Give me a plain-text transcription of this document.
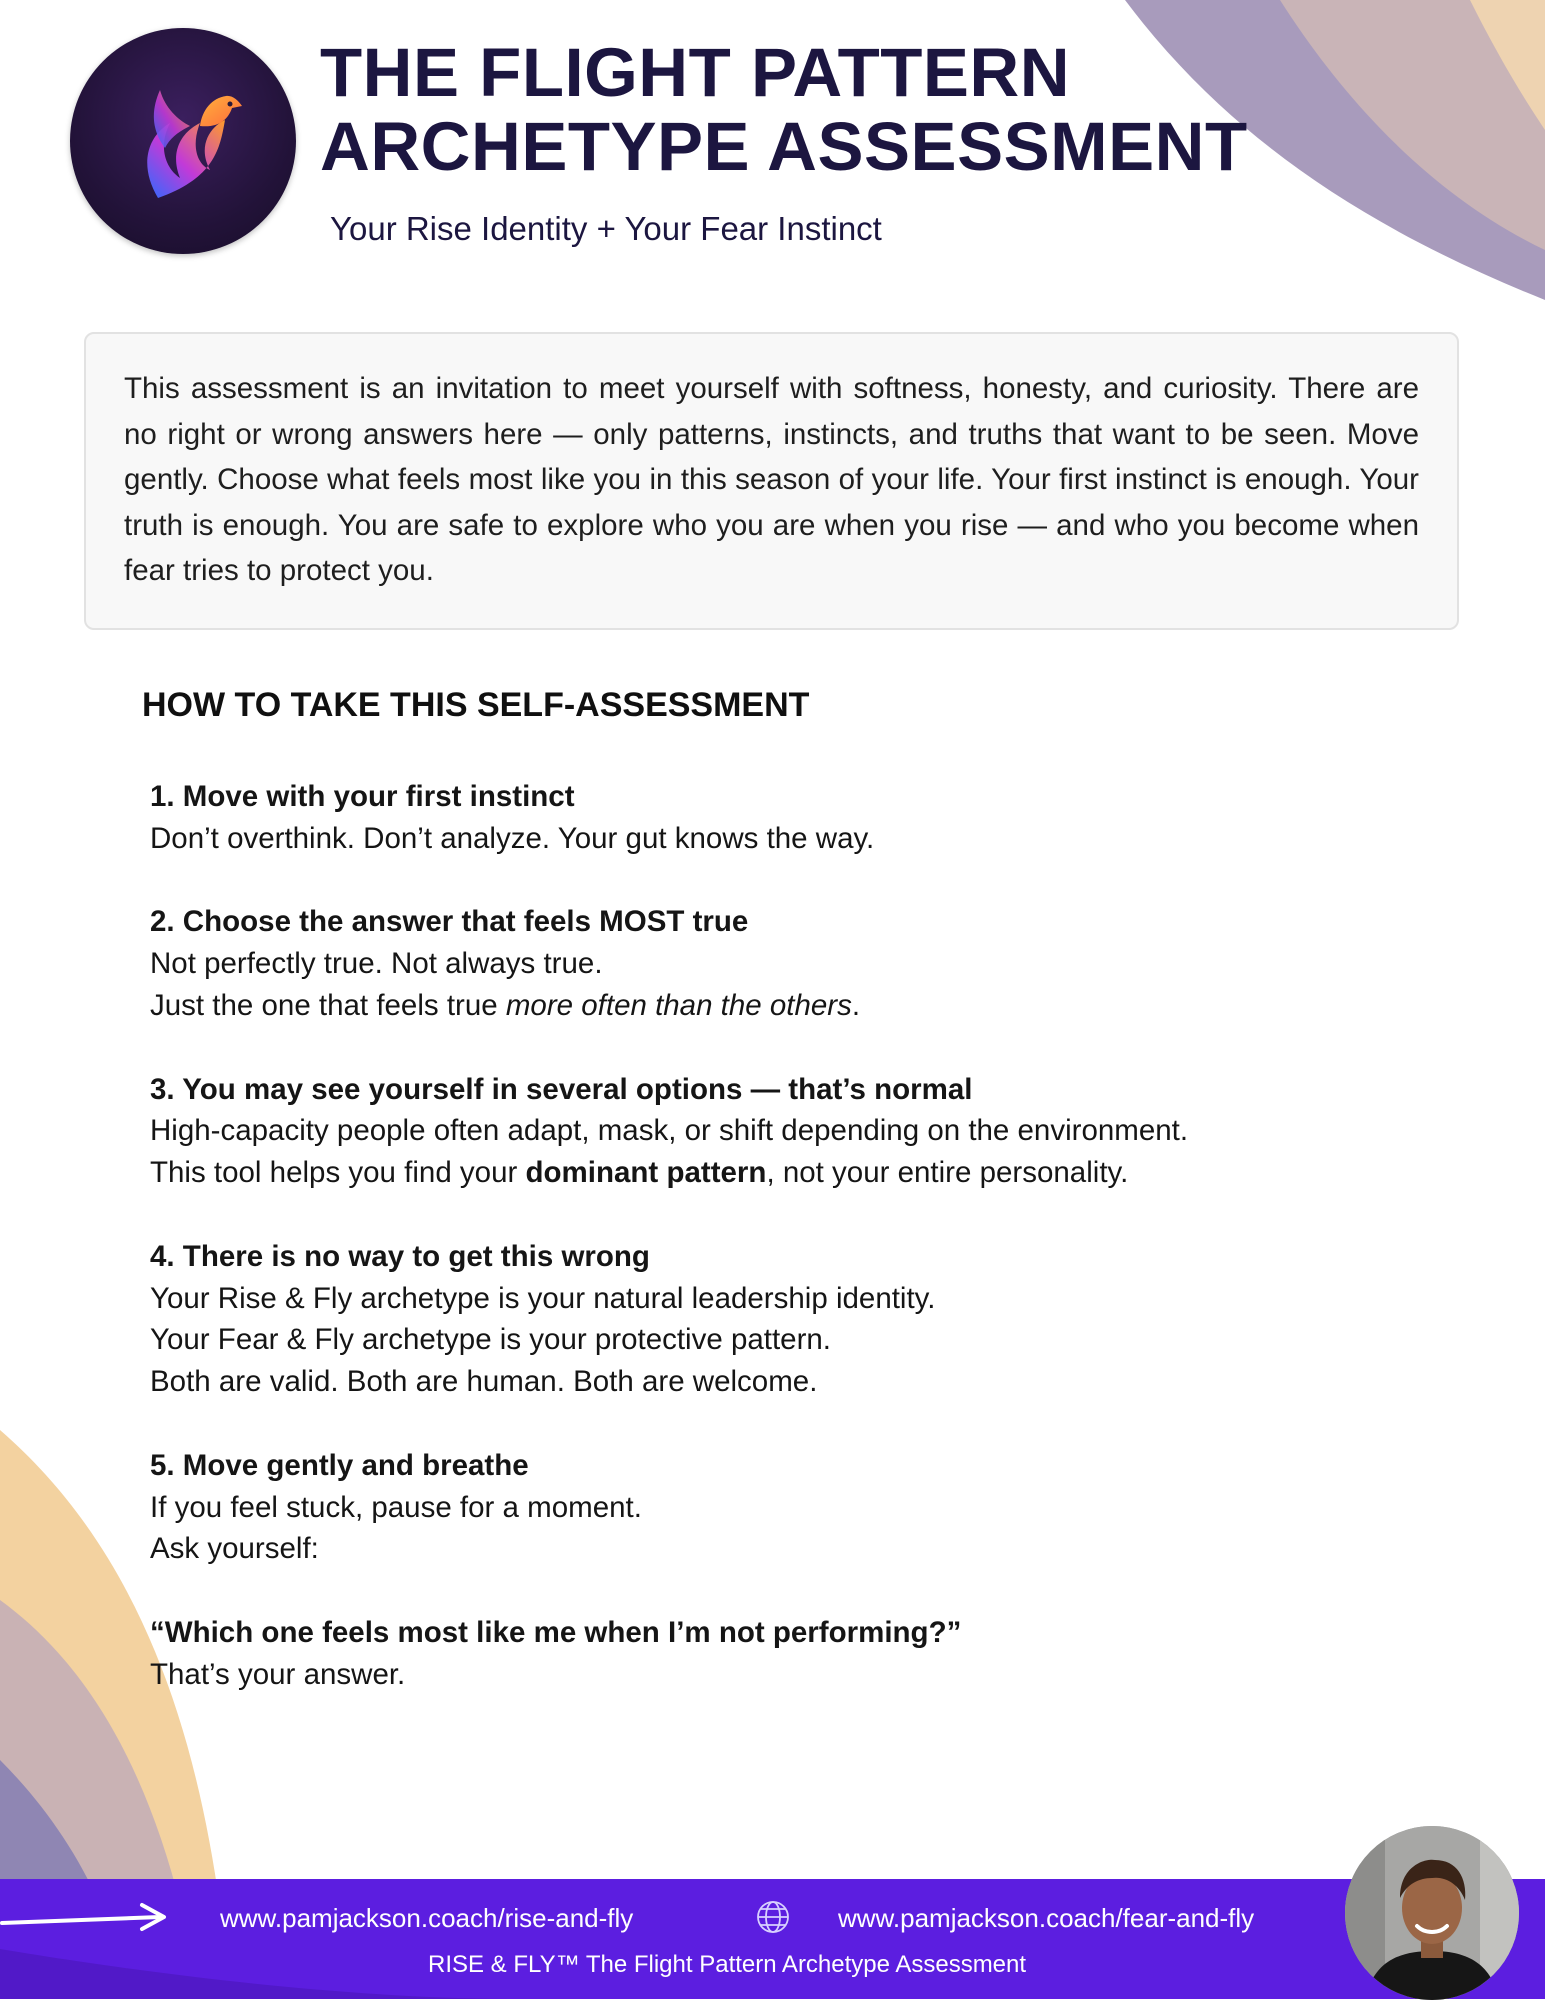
THE FLIGHT PATTERN
ARCHETYPE ASSESSMENT
Your Rise Identity + Your Fear Instinct
This assessment is an invitation to meet yourself with softness, honesty, and curiosity. There are no right or wrong answers here — only patterns, instincts, and truths that want to be seen. Move gently. Choose what feels most like you in this season of your life. Your first instinct is enough. Your truth is enough. You are safe to explore who you are when you rise — and who you become when fear tries to protect you.
HOW TO TAKE THIS SELF-ASSESSMENT

1. Move with your first instinct

Don’t overthink. Don’t analyze. Your gut knows the way.

2. Choose the answer that feels MOST true

Not perfectly true. Not always true.

Just the one that feels true more often than the others.

3. You may see yourself in several options — that’s normal

High-capacity people often adapt, mask, or shift depending on the environment.

This tool helps you find your dominant pattern, not your entire personality.

4. There is no way to get this wrong

Your Rise & Fly archetype is your natural leadership identity.

Your Fear & Fly archetype is your protective pattern.

Both are valid. Both are human. Both are welcome.

5. Move gently and breathe

If you feel stuck, pause for a moment.

Ask yourself:

“Which one feels most like me when I’m not performing?”

That’s your answer.

www.pamjackson.coach/rise-and-fly	www.pamjackson.coach/fear-and-fly
RISE & FLY™ The Flight Pattern Archetype Assessment
